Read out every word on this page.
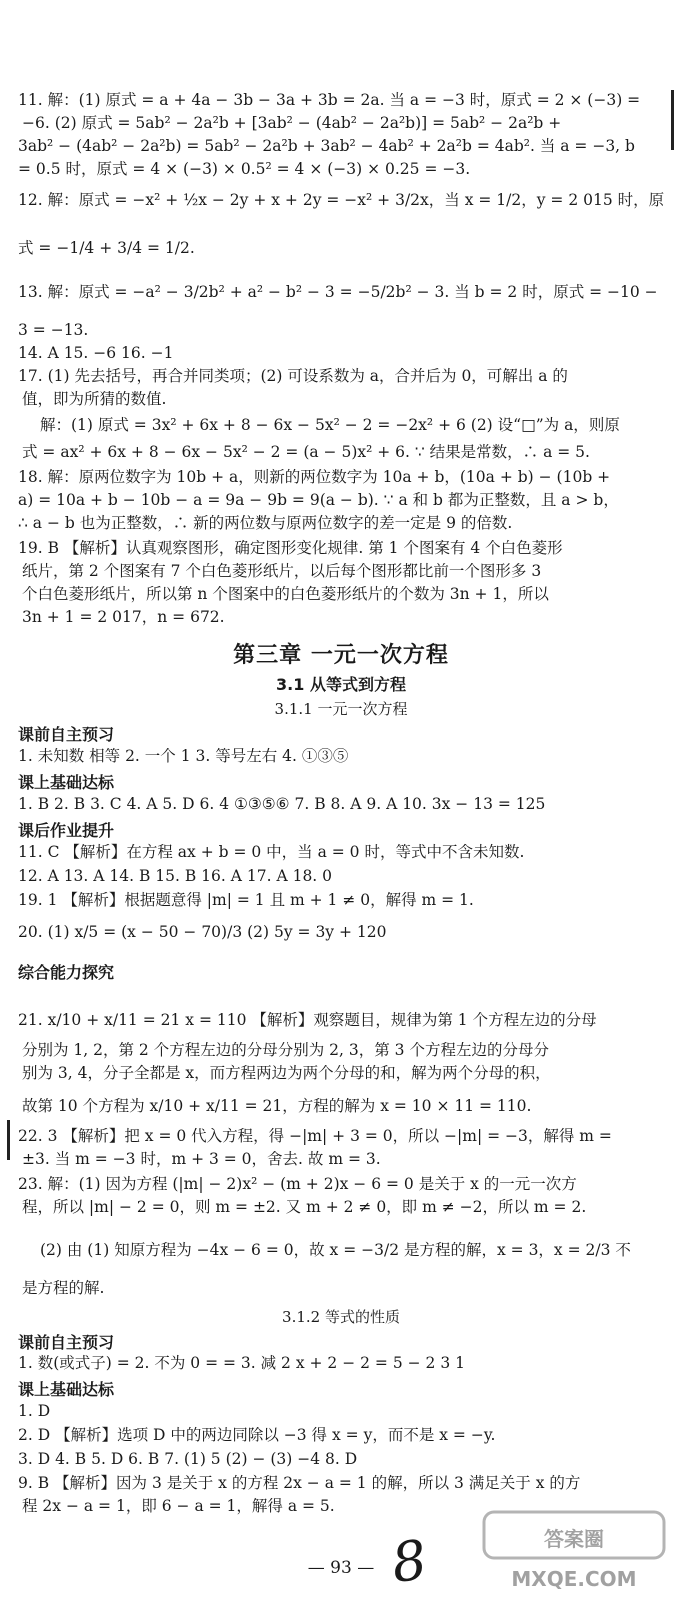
11. 解：(1) 原式 = a + 4a − 3b − 3a + 3b = 2a. 当 a = −3 时，原式 = 2 × (−3) =
−6. (2) 原式 = 5ab² − 2a²b + [3ab² − (4ab² − 2a²b)] = 5ab² − 2a²b +
3ab² − (4ab² − 2a²b) = 5ab² − 2a²b + 3ab² − 4ab² + 2a²b = 4ab². 当 a = −3, b
= 0.5 时，原式 = 4 × (−3) × 0.5² = 4 × (−3) × 0.25 = −3.
12. 解：原式 = −x² + ½x − 2y + x + 2y = −x² + 3/2x，当 x = 1/2，y = 2 015 时，原
式 = −1/4 + 3/4 = 1/2.
13. 解：原式 = −a² − 3/2b² + a² − b² − 3 = −5/2b² − 3. 当 b = 2 时，原式 = −10 −
3 = −13.
14. A 15. −6 16. −1
17. (1) 先去括号，再合并同类项；(2) 可设系数为 a，合并后为 0，可解出 a 的
值，即为所猜的数值.
解：(1) 原式 = 3x² + 6x + 8 − 6x − 5x² − 2 = −2x² + 6 (2) 设“□”为 a，则原
式 = ax² + 6x + 8 − 6x − 5x² − 2 = (a − 5)x² + 6. ∵ 结果是常数，∴ a = 5.
18. 解：原两位数字为 10b + a，则新的两位数字为 10a + b，(10a + b) − (10b +
a) = 10a + b − 10b − a = 9a − 9b = 9(a − b). ∵ a 和 b 都为正整数，且 a > b，
∴ a − b 也为正整数，∴ 新的两位数与原两位数字的差一定是 9 的倍数.
19. B 【解析】认真观察图形，确定图形变化规律. 第 1 个图案有 4 个白色菱形
纸片，第 2 个图案有 7 个白色菱形纸片，以后每个图形都比前一个图形多 3
个白色菱形纸片，所以第 n 个图案中的白色菱形纸片的个数为 3n + 1，所以
3n + 1 = 2 017，n = 672.
第三章 一元一次方程
3.1 从等式到方程
3.1.1 一元一次方程
课前自主预习
1. 未知数 相等 2. 一个 1 3. 等号左右 4. ①③⑤
课上基础达标
1. B 2. B 3. C 4. A 5. D 6. 4 ①③⑤⑥ 7. B 8. A 9. A 10. 3x − 13 = 125
课后作业提升
11. C 【解析】在方程 ax + b = 0 中，当 a = 0 时，等式中不含未知数.
12. A 13. A 14. B 15. B 16. A 17. A 18. 0
19. 1 【解析】根据题意得 |m| = 1 且 m + 1 ≠ 0，解得 m = 1.
20. (1) x/5 = (x − 50 − 70)/3 (2) 5y = 3y + 120
综合能力探究
21. x/10 + x/11 = 21 x = 110 【解析】观察题目，规律为第 1 个方程左边的分母
分别为 1, 2，第 2 个方程左边的分母分别为 2, 3，第 3 个方程左边的分母分
别为 3, 4，分子全都是 x，而方程两边为两个分母的和，解为两个分母的积，
故第 10 个方程为 x/10 + x/11 = 21，方程的解为 x = 10 × 11 = 110.
22. 3 【解析】把 x = 0 代入方程，得 −|m| + 3 = 0，所以 −|m| = −3，解得 m =
±3. 当 m = −3 时，m + 3 = 0，舍去. 故 m = 3.
23. 解：(1) 因为方程 (|m| − 2)x² − (m + 2)x − 6 = 0 是关于 x 的一元一次方
程，所以 |m| − 2 = 0，则 m = ±2. 又 m + 2 ≠ 0，即 m ≠ −2，所以 m = 2.
(2) 由 (1) 知原方程为 −4x − 6 = 0，故 x = −3/2 是方程的解，x = 3，x = 2/3 不
是方程的解.
3.1.2 等式的性质
课前自主预习
1. 数(或式子) = 2. 不为 0 = = 3. 减 2 x + 2 − 2 = 5 − 2 3 1
课上基础达标
1. D
2. D 【解析】选项 D 中的两边同除以 −3 得 x = y，而不是 x = −y.
3. D 4. B 5. D 6. B 7. (1) 5 (2) − (3) −4 8. D
9. B 【解析】因为 3 是关于 x 的方程 2x − a = 1 的解，所以 3 满足关于 x 的方
程 2x − a = 1，即 6 − a = 1，解得 a = 5.
— 93 — 8	答案圈
MXQE.COM
